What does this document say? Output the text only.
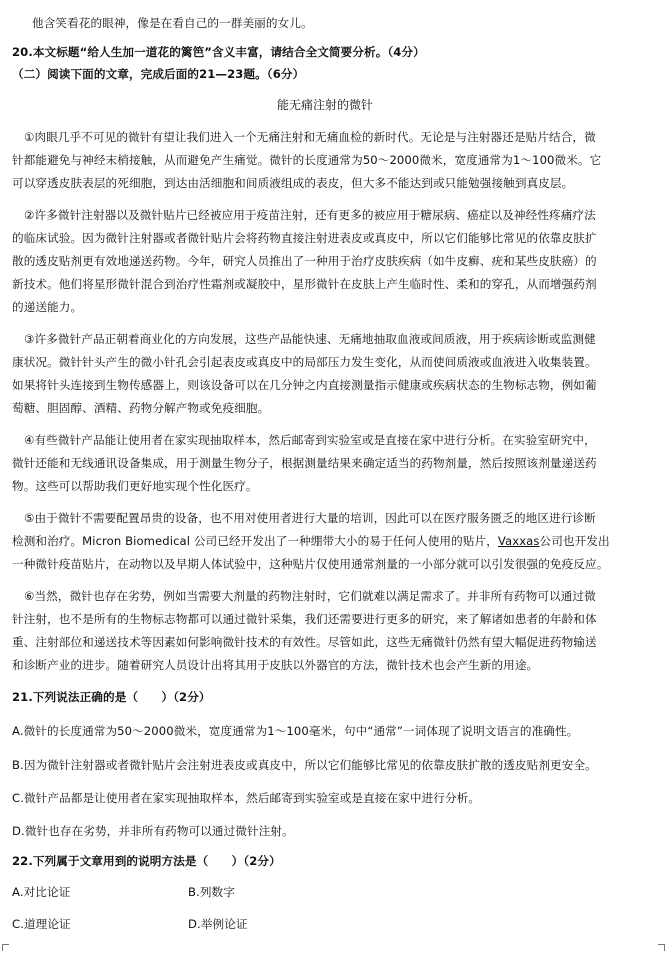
他含笑看花的眼神，像是在看自己的一群美丽的女儿。
20.本文标题“给人生加一道花的篱笆”含义丰富，请结合全文简要分析。（4分）
（二）阅读下面的文章，完成后面的21—23题。（6分）
能无痛注射的微针
①肉眼几乎不可见的微针有望让我们进入一个无痛注射和无痛血检的新时代。无论是与注射器还是贴片结合，微
针都能避免与神经末梢接触，从而避免产生痛觉。微针的长度通常为50～2000微米，宽度通常为1～100微米。它
可以穿透皮肤表层的死细胞，到达由活细胞和间质液组成的表皮，但大多不能达到或只能勉强接触到真皮层。
②许多微针注射器以及微针贴片已经被应用于疫苗注射，还有更多的被应用于糖尿病、癌症以及神经性疼痛疗法
的临床试验。因为微针注射器或者微针贴片会将药物直接注射进表皮或真皮中，所以它们能够比常见的依靠皮肤扩
散的透皮贴剂更有效地递送药物。今年，研究人员推出了一种用于治疗皮肤疾病（如牛皮癣、疣和某些皮肤癌）的
新技术。他们将星形微针混合到治疗性霜剂或凝胶中，星形微针在皮肤上产生临时性、柔和的穿孔，从而增强药剂
的递送能力。
③许多微针产品正朝着商业化的方向发展，这些产品能快速、无痛地抽取血液或间质液，用于疾病诊断或监测健
康状况。微针针头产生的微小针孔会引起表皮或真皮中的局部压力发生变化，从而使间质液或血液进入收集装置。
如果将针头连接到生物传感器上，则该设备可以在几分钟之内直接测量指示健康或疾病状态的生物标志物，例如葡
萄糖、胆固醇、酒精、药物分解产物或免疫细胞。
④有些微针产品能让使用者在家实现抽取样本，然后邮寄到实验室或是直接在家中进行分析。在实验室研究中，
微针还能和无线通讯设备集成，用于测量生物分子，根据测量结果来确定适当的药物剂量，然后按照该剂量递送药
物。这些可以帮助我们更好地实现个性化医疗。
⑤由于微针不需要配置昂贵的设备，也不用对使用者进行大量的培训，因此可以在医疗服务匮乏的地区进行诊断
检测和治疗。Micron Biomedical 公司已经开发出了一种绷带大小的易于任何人使用的贴片，Vaxxas公司也开发出
一种微针疫苗贴片，在动物以及早期人体试验中，这种贴片仅使用通常剂量的一小部分就可以引发很强的免疫反应。
⑥当然，微针也存在劣势，例如当需要大剂量的药物注射时，它们就难以满足需求了。并非所有药物可以通过微
针注射，也不是所有的生物标志物都可以通过微针采集，我们还需要进行更多的研究，来了解诸如患者的年龄和体
重、注射部位和递送技术等因素如何影响微针技术的有效性。尽管如此，这些无痛微针仍然有望大幅促进药物输送
和诊断产业的进步。随着研究人员设计出将其用于皮肤以外器官的方法，微针技术也会产生新的用途。
21.下列说法正确的是（　　）（2分）
A.微针的长度通常为50～2000微米，宽度通常为1～100毫米，句中“通常”一词体现了说明文语言的准确性。
B.因为微针注射器或者微针贴片会注射进表皮或真皮中，所以它们能够比常见的依靠皮肤扩散的透皮贴剂更安全。
C.微针产品都是让使用者在家实现抽取样本，然后邮寄到实验室或是直接在家中进行分析。
D.微针也存在劣势，并非所有药物可以通过微针注射。
22.下列属于文章用到的说明方法是（　　）（2分）
A.对比论证	B.列数字
C.道理论证	D.举例论证
